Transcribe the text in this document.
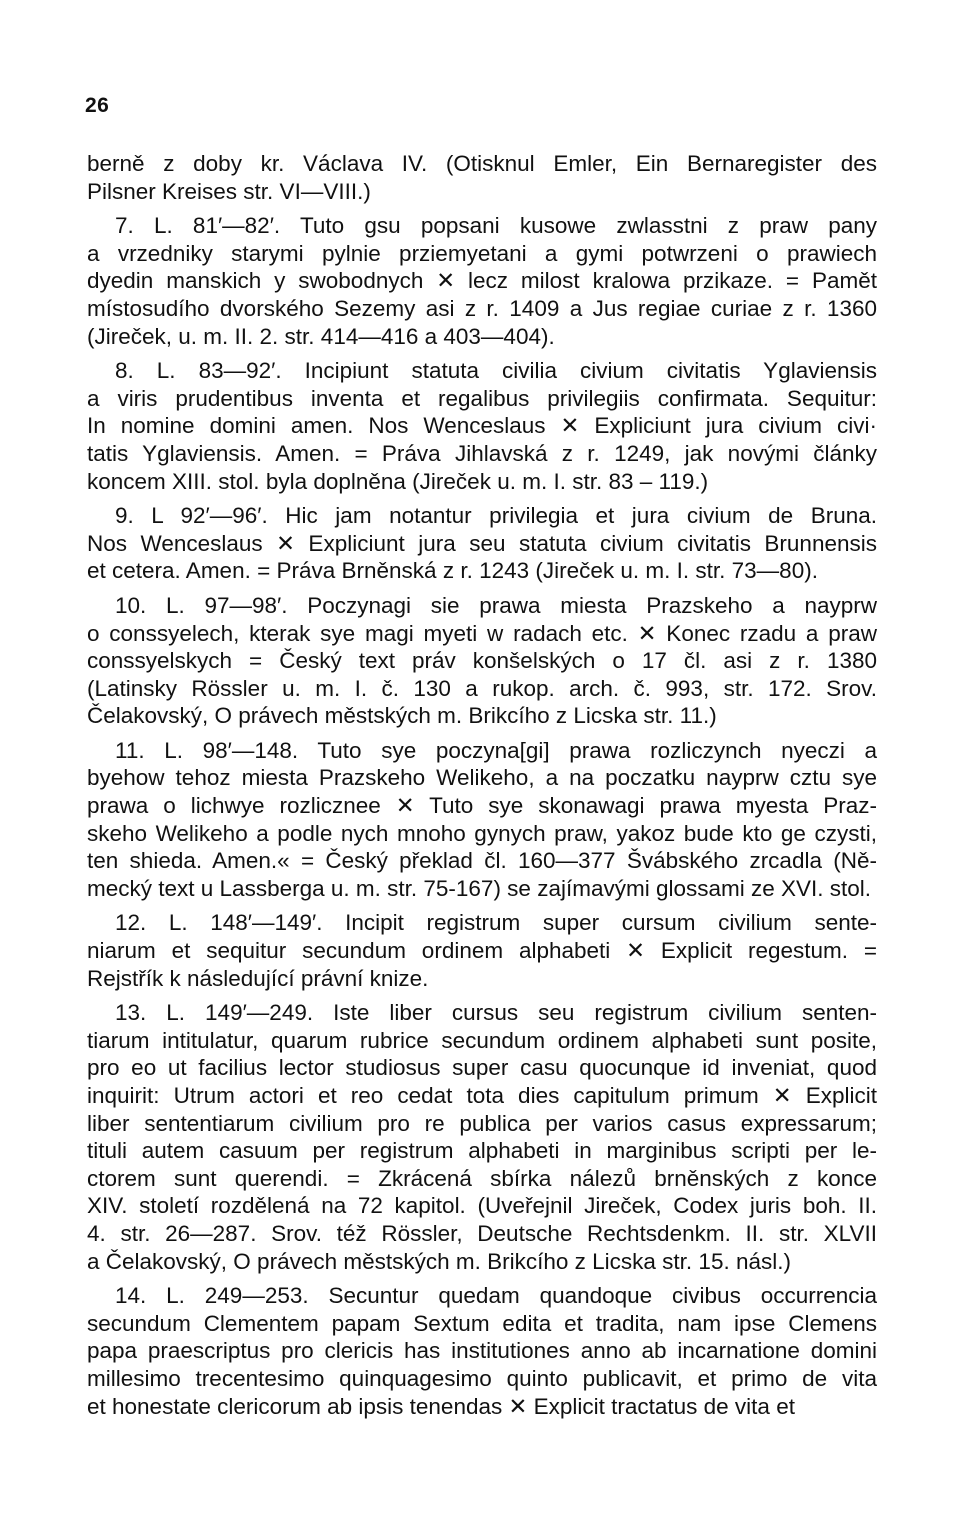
26
berně z doby kr. Václava IV. (Otisknul Emler, Ein Bernaregister des
Pilsner Kreises str. VI—VIII.)
7. L. 81′—82′. Tuto gsu popsani kusowe zwlasstni z praw pany
a vrzedniky starymi pylnie prziemyetani a gymi potwrzeni o prawiech
dyedin manskich y swobodnych ✕ lecz milost kralowa przikaze. = Pamět
místosudího dvorského Sezemy asi z r. 1409 a Jus regiae curiae z r. 1360
(Jireček, u. m. II. 2. str. 414—416 a 403—404).
8. L. 83—92′. Incipiunt statuta civilia civium civitatis Yglaviensis
a viris prudentibus inventa et regalibus privilegiis confirmata. Sequitur:
In nomine domini amen. Nos Wenceslaus ✕ Expliciunt jura civium civi·
tatis Yglaviensis. Amen. = Práva Jihlavská z r. 1249, jak novými články
koncem XIII. stol. byla doplněna (Jireček u. m. I. str. 83 – 119.)
9. L 92′—96′. Hic jam notantur privilegia et jura civium de Bruna.
Nos Wenceslaus ✕ Expliciunt jura seu statuta civium civitatis Brunnensis
et cetera. Amen. = Práva Brněnská z r. 1243 (Jireček u. m. I. str. 73—80).
10. L. 97—98′. Poczynagi sie prawa miesta Prazskeho a nayprw
o conssyelech, kterak sye magi myeti w radach etc. ✕ Konec rzadu a praw
conssyelskych = Český text práv konšelských o 17 čl. asi z r. 1380
(Latinsky Rössler u. m. I. č. 130 a rukop. arch. č. 993, str. 172. Srov.
Čelakovský, O právech městských m. Brikcího z Licska str. 11.)
11. L. 98′—148. Tuto sye poczyna[gi] prawa rozliczynch nyeczi a
byehow tehoz miesta Prazskeho Welikeho, a na poczatku nayprw cztu sye
prawa o lichwye rozlicznee ✕ Tuto sye skonawagi prawa myesta Praz-
skeho Welikeho a podle nych mnoho gynych praw, yakoz bude kto ge czysti,
ten shieda. Amen.« = Český překlad čl. 160—377 Švábského zrcadla (Ně-
mecký text u Lassberga u. m. str. 75-167) se zajímavými glossami ze XVI. stol.
12. L. 148′—149′. Incipit registrum super cursum civilium sente-
niarum et sequitur secundum ordinem alphabeti ✕ Explicit regestum. =
Rejstřík k následující právní knize.
13. L. 149′—249. Iste liber cursus seu registrum civilium senten-
tiarum intitulatur, quarum rubrice secundum ordinem alphabeti sunt posite,
pro eo ut facilius lector studiosus super casu quocunque id inveniat, quod
inquirit: Utrum actori et reo cedat tota dies capitulum primum ✕ Explicit
liber sententiarum civilium pro re publica per varios casus expressarum;
tituli autem casuum per registrum alphabeti in marginibus scripti per le-
ctorem sunt querendi. = Zkrácená sbírka nálezů brněnských z konce
XIV. století rozdělená na 72 kapitol. (Uveřejnil Jireček, Codex juris boh. II.
4. str. 26—287. Srov. též Rössler, Deutsche Rechtsdenkm. II. str. XLVII
a Čelakovský, O právech městských m. Brikcího z Licska str. 15. násl.)
14. L. 249—253. Secuntur quedam quandoque civibus occurrencia
secundum Clementem papam Sextum edita et tradita, nam ipse Clemens
papa praescriptus pro clericis has institutiones anno ab incarnatione domini
millesimo trecentesimo quinquagesimo quinto publicavit, et primo de vita
et honestate clericorum ab ipsis tenendas ✕ Explicit tractatus de vita et
